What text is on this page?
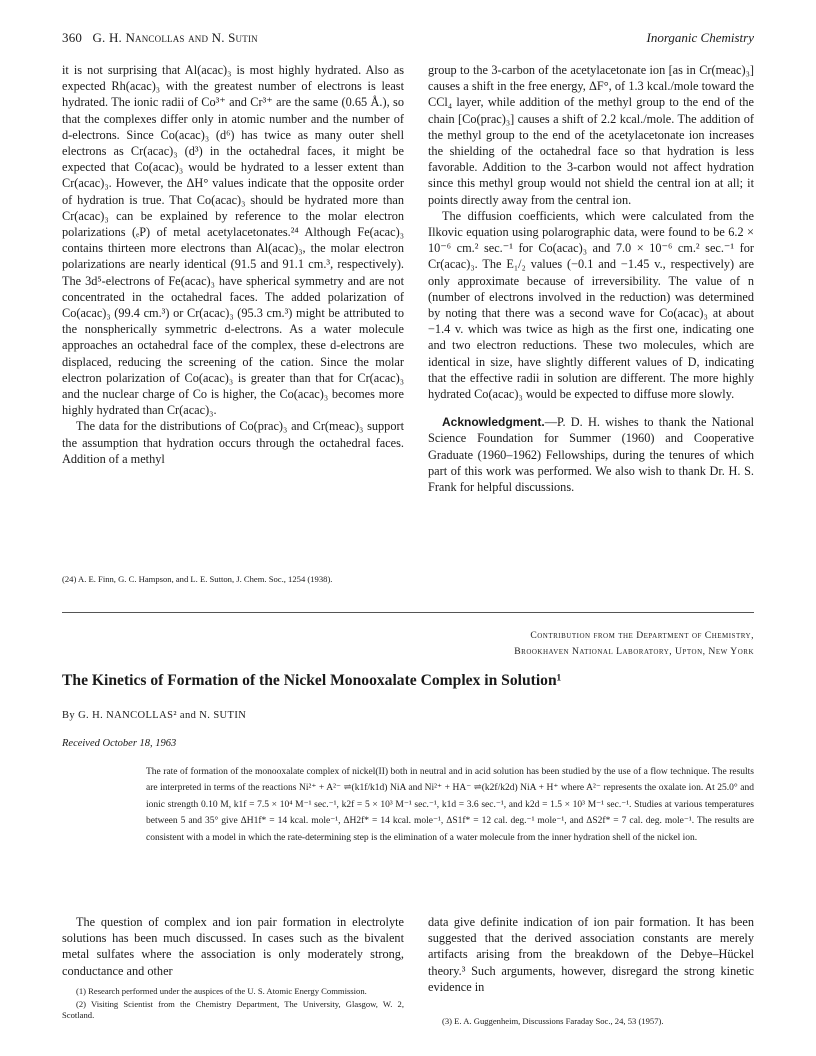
360 G. H. Nancollas and N. Sutin	Inorganic Chemistry

it is not surprising that Al(acac)₃ is most highly hydrated. Also as expected Rh(acac)₃ with the greatest number of electrons is least hydrated. The ionic radii of Co³⁺ and Cr³⁺ are the same (0.65 Å.), so that the complexes differ only in atomic number and the number of d-electrons. Since Co(acac)₃ (d⁶) has twice as many outer shell electrons as Cr(acac)₃ (d³) in the octahedral faces, it might be expected that Co(acac)₃ would be hydrated to a lesser extent than Cr(acac)₃. However, the ΔH° values indicate that the opposite order of hydration is true. That Co(acac)₃ should be hydrated more than Cr(acac)₃ can be explained by reference to the molar electron polarizations (ₑP) of metal acetylacetonates.²⁴ Although Fe(acac)₃ contains thirteen more electrons than Al(acac)₃, the molar electron polarizations are nearly identical (91.5 and 91.1 cm.³, respectively). The 3d⁵-electrons of Fe(acac)₃ have spherical symmetry and are not concentrated in the octahedral faces. The added polarization of Co(acac)₃ (99.4 cm.³) or Cr(acac)₃ (95.3 cm.³) might be attributed to the nonspherically symmetric d-electrons. As a water molecule approaches an octahedral face of the complex, these d-electrons are displaced, reducing the screening of the cation. Since the molar electron polarization of Co(acac)₃ is greater than that for Cr(acac)₃ and the nuclear charge of Co is higher, the Co(acac)₃ becomes more highly hydrated than Cr(acac)₃.

The data for the distributions of Co(prac)₃ and Cr(meac)₃ support the assumption that hydration occurs through the octahedral faces. Addition of a methyl

(24) A. E. Finn, G. C. Hampson, and L. E. Sutton, J. Chem. Soc., 1254 (1938).

group to the 3-carbon of the acetylacetonate ion [as in Cr(meac)₃] causes a shift in the free energy, ΔF°, of 1.3 kcal./mole toward the CCl₄ layer, while addition of the methyl group to the end of the chain [Co(prac)₃] causes a shift of 2.2 kcal./mole. The addition of the methyl group to the end of the acetylacetonate ion increases the shielding of the octahedral face so that hydration is less favorable. Addition to the 3-carbon would not affect hydration since this methyl group would not shield the central ion at all; it points directly away from the central ion.

The diffusion coefficients, which were calculated from the Ilkovic equation using polarographic data, were found to be 6.2 × 10⁻⁶ cm.² sec.⁻¹ for Co(acac)₃ and 7.0 × 10⁻⁶ cm.² sec.⁻¹ for Cr(acac)₃. The E₁/₂ values (−0.1 and −1.45 v., respectively) are only approximate because of irreversibility. The value of n (number of electrons involved in the reduction) was determined by noting that there was a second wave for Co(acac)₃ at about −1.4 v. which was twice as high as the first one, indicating one and two electron reductions. These two molecules, which are identical in size, have slightly different values of D, indicating that the effective radii in solution are different. The more highly hydrated Co(acac)₃ would be expected to diffuse more slowly.

Acknowledgment.—P. D. H. wishes to thank the National Science Foundation for Summer (1960) and Cooperative Graduate (1960–1962) Fellowships, during the tenures of which part of this work was performed. We also wish to thank Dr. H. S. Frank for helpful discussions.

Contribution from the Department of Chemistry,
Brookhaven National Laboratory, Upton, New York
The Kinetics of Formation of the Nickel Monooxalate Complex in Solution¹
By G. H. NANCOLLAS² and N. SUTIN
Received October 18, 1963

The rate of formation of the monooxalate complex of nickel(II) both in neutral and in acid solution has been studied by the use of a flow technique. The results are interpreted in terms of the reactions Ni²⁺ + A²⁻ ⇌(k1f/k1d) NiA and Ni²⁺ + HA⁻ ⇌(k2f/k2d) NiA + H⁺ where A²⁻ represents the oxalate ion. At 25.0° and ionic strength 0.10 M, k1f = 7.5 × 10⁴ M⁻¹ sec.⁻¹, k2f = 5 × 10³ M⁻¹ sec.⁻¹, k1d = 3.6 sec.⁻¹, and k2d = 1.5 × 10³ M⁻¹ sec.⁻¹. Studies at various temperatures between 5 and 35° give ΔH1f* = 14 kcal. mole⁻¹, ΔH2f* = 14 kcal. mole⁻¹, ΔS1f* = 12 cal. deg.⁻¹ mole⁻¹, and ΔS2f* = 7 cal. deg. mole⁻¹. The results are consistent with a model in which the rate-determining step is the elimination of a water molecule from the inner hydration shell of the nickel ion.

The question of complex and ion pair formation in electrolyte solutions has been much discussed. In cases such as the bivalent metal sulfates where the association is only moderately strong, conductance and other

data give definite indication of ion pair formation. It has been suggested that the derived association constants are merely artifacts arising from the breakdown of the Debye–Hückel theory.³ Such arguments, however, disregard the strong kinetic evidence in

(1) Research performed under the auspices of the U. S. Atomic Energy Commission.
(2) Visiting Scientist from the Chemistry Department, The University, Glasgow, W. 2, Scotland.
(3) E. A. Guggenheim, Discussions Faraday Soc., 24, 53 (1957).
